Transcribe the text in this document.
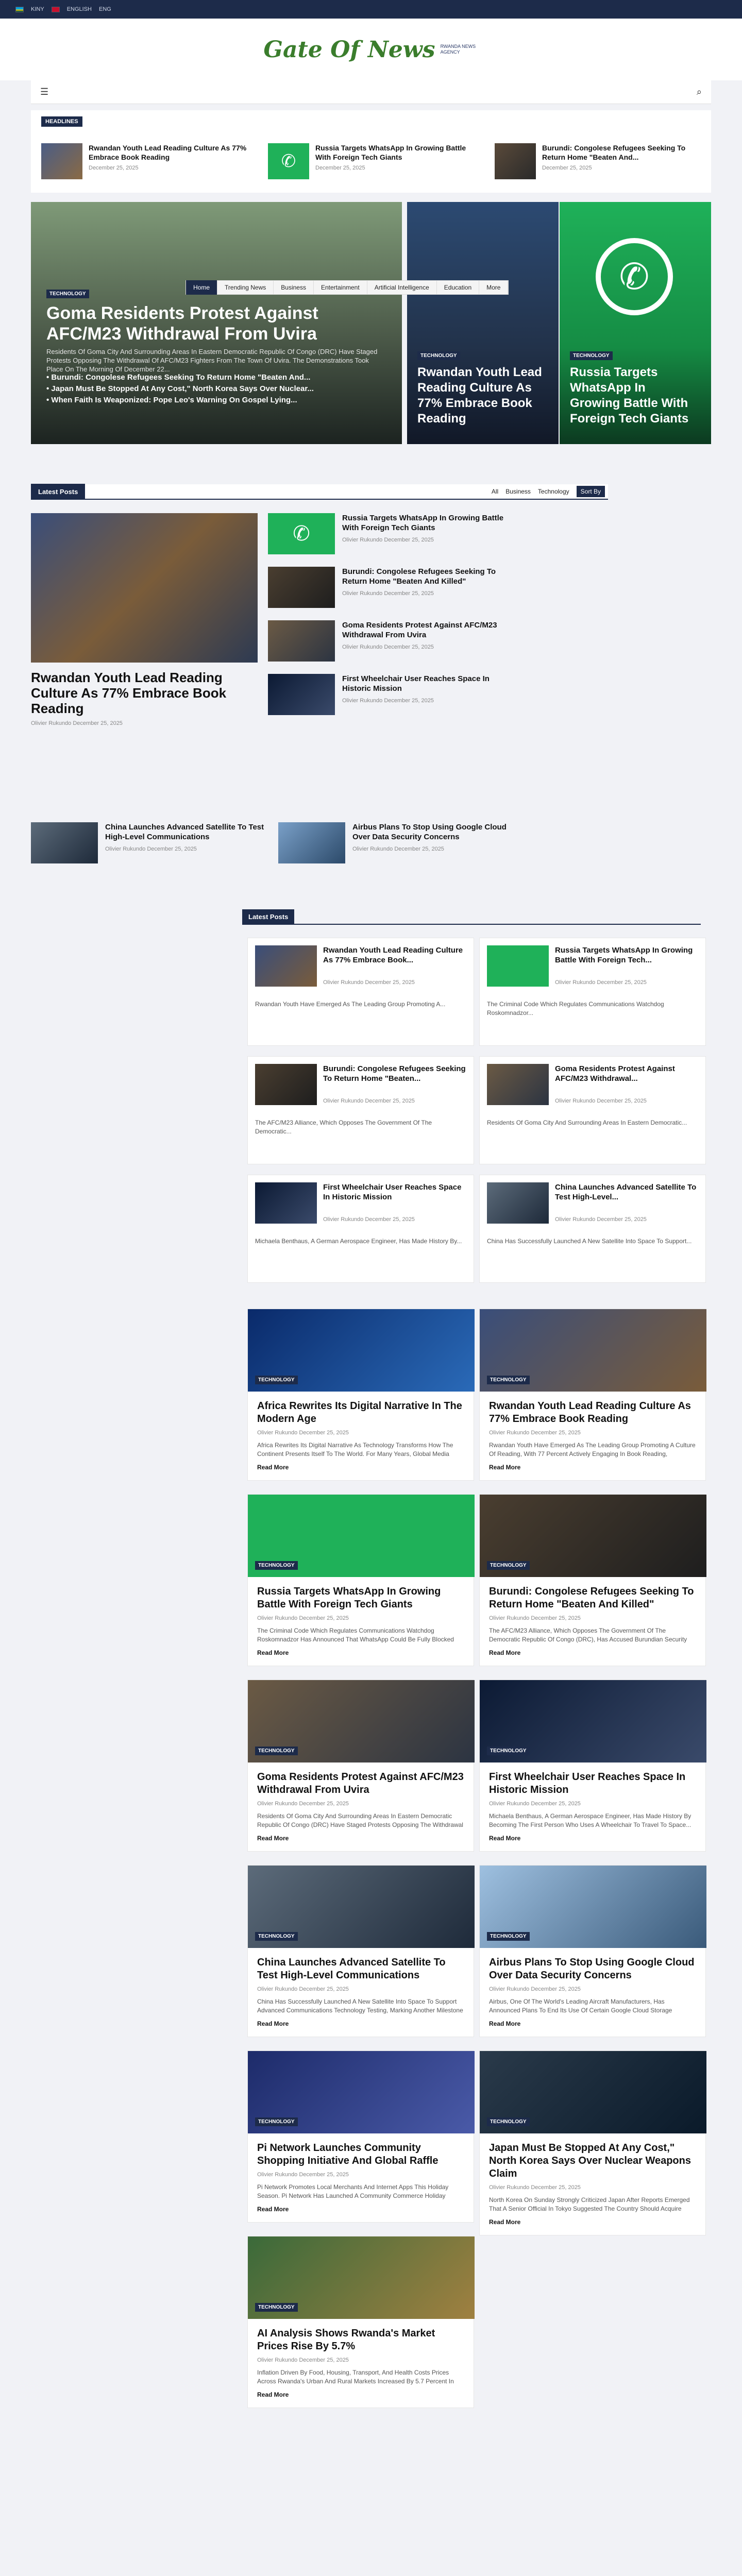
KINY	ENGLISH ENG
Gate Of News RWANDA NEWS AGENCY
☰	⌕
HEADLINES
Rwandan Youth Lead Reading Culture As 77% Embrace Book Reading
December 25, 2025	✆
Russia Targets WhatsApp In Growing Battle With Foreign Tech Giants
December 25, 2025
Burundi: Congolese Refugees Seeking To Return Home "Beaten And...
December 25, 2025
TECHNOLOGY
Goma Residents Protest Against AFC/M23 Withdrawal From Uvira
Residents Of Goma City And Surrounding Areas In Eastern Democratic Republic Of Congo (DRC) Have Staged Protests Opposing The Withdrawal Of AFC/M23 Fighters From The Town Of Uvira. The Demonstrations Took Place On The Morning Of December 22...
• Burundi: Congolese Refugees Seeking To Return Home "Beaten And...
• Japan Must Be Stopped At Any Cost," North Korea Says Over Nuclear...
• When Faith Is Weaponized: Pope Leo's Warning On Gospel Lying...
TECHNOLOGY
Rwandan Youth Lead Reading Culture As 77% Embrace Book Reading
✆
TECHNOLOGY
Russia Targets WhatsApp In Growing Battle With Foreign Tech Giants
Home	Trending News	Business	Entertainment	Artificial Intelligence	Education	More
Latest Posts	All Business Technology	Sort By
Rwandan Youth Lead Reading Culture As 77% Embrace Book Reading
Olivier Rukundo December 25, 2025
✆
Russia Targets WhatsApp In Growing Battle With Foreign Tech Giants
Olivier Rukundo December 25, 2025
Burundi: Congolese Refugees Seeking To Return Home "Beaten And Killed"
Olivier Rukundo December 25, 2025
Goma Residents Protest Against AFC/M23 Withdrawal From Uvira
Olivier Rukundo December 25, 2025
First Wheelchair User Reaches Space In Historic Mission
Olivier Rukundo December 25, 2025
China Launches Advanced Satellite To Test High-Level Communications
Olivier Rukundo December 25, 2025
Airbus Plans To Stop Using Google Cloud Over Data Security Concerns
Olivier Rukundo December 25, 2025
Latest Posts
Rwandan Youth Lead Reading Culture As 77% Embrace Book...
Olivier Rukundo December 25, 2025
Rwandan Youth Have Emerged As The Leading Group Promoting A...
Russia Targets WhatsApp In Growing Battle With Foreign Tech...
Olivier Rukundo December 25, 2025
The Criminal Code Which Regulates Communications Watchdog Roskomnadzor...
Burundi: Congolese Refugees Seeking To Return Home "Beaten...
Olivier Rukundo December 25, 2025
The AFC/M23 Alliance, Which Opposes The Government Of The Democratic...
Goma Residents Protest Against AFC/M23 Withdrawal...
Olivier Rukundo December 25, 2025
Residents Of Goma City And Surrounding Areas In Eastern Democratic...
First Wheelchair User Reaches Space In Historic Mission
Olivier Rukundo December 25, 2025
Michaela Benthaus, A German Aerospace Engineer, Has Made History By...
China Launches Advanced Satellite To Test High-Level...
Olivier Rukundo December 25, 2025
China Has Successfully Launched A New Satellite Into Space To Support...
TECHNOLOGY
Africa Rewrites Its Digital Narrative In The Modern Age
Olivier Rukundo December 25, 2025
Africa Rewrites Its Digital Narrative As Technology Transforms How The Continent Presents Itself To The World. For Many Years, Global Media
Read More
TECHNOLOGY
Rwandan Youth Lead Reading Culture As 77% Embrace Book Reading
Olivier Rukundo December 25, 2025
Rwandan Youth Have Emerged As The Leading Group Promoting A Culture Of Reading, With 77 Percent Actively Engaging In Book Reading,
Read More
TECHNOLOGY
Russia Targets WhatsApp In Growing Battle With Foreign Tech Giants
Olivier Rukundo December 25, 2025
The Criminal Code Which Regulates Communications Watchdog Roskomnadzor Has Announced That WhatsApp Could Be Fully Blocked
Read More
TECHNOLOGY
Burundi: Congolese Refugees Seeking To Return Home "Beaten And Killed"
Olivier Rukundo December 25, 2025
The AFC/M23 Alliance, Which Opposes The Government Of The Democratic Republic Of Congo (DRC), Has Accused Burundian Security
Read More
TECHNOLOGY
Goma Residents Protest Against AFC/M23 Withdrawal From Uvira
Olivier Rukundo December 25, 2025
Residents Of Goma City And Surrounding Areas In Eastern Democratic Republic Of Congo (DRC) Have Staged Protests Opposing The Withdrawal
Read More
TECHNOLOGY
First Wheelchair User Reaches Space In Historic Mission
Olivier Rukundo December 25, 2025
Michaela Benthaus, A German Aerospace Engineer, Has Made History By Becoming The First Person Who Uses A Wheelchair To Travel To Space...
Read More
TECHNOLOGY
China Launches Advanced Satellite To Test High-Level Communications
Olivier Rukundo December 25, 2025
China Has Successfully Launched A New Satellite Into Space To Support Advanced Communications Technology Testing, Marking Another Milestone
Read More
TECHNOLOGY
Airbus Plans To Stop Using Google Cloud Over Data Security Concerns
Olivier Rukundo December 25, 2025
Airbus, One Of The World's Leading Aircraft Manufacturers, Has Announced Plans To End Its Use Of Certain Google Cloud Storage
Read More
TECHNOLOGY
Pi Network Launches Community Shopping Initiative And Global Raffle
Olivier Rukundo December 25, 2025
Pi Network Promotes Local Merchants And Internet Apps This Holiday Season. Pi Network Has Launched A Community Commerce Holiday
Read More
TECHNOLOGY
Japan Must Be Stopped At Any Cost," North Korea Says Over Nuclear Weapons Claim
Olivier Rukundo December 25, 2025
North Korea On Sunday Strongly Criticized Japan After Reports Emerged That A Senior Official In Tokyo Suggested The Country Should Acquire
Read More
TECHNOLOGY
AI Analysis Shows Rwanda's Market Prices Rise By 5.7%
Olivier Rukundo December 25, 2025
Inflation Driven By Food, Housing, Transport, And Health Costs Prices Across Rwanda's Urban And Rural Markets Increased By 5.7 Percent In
Read More
